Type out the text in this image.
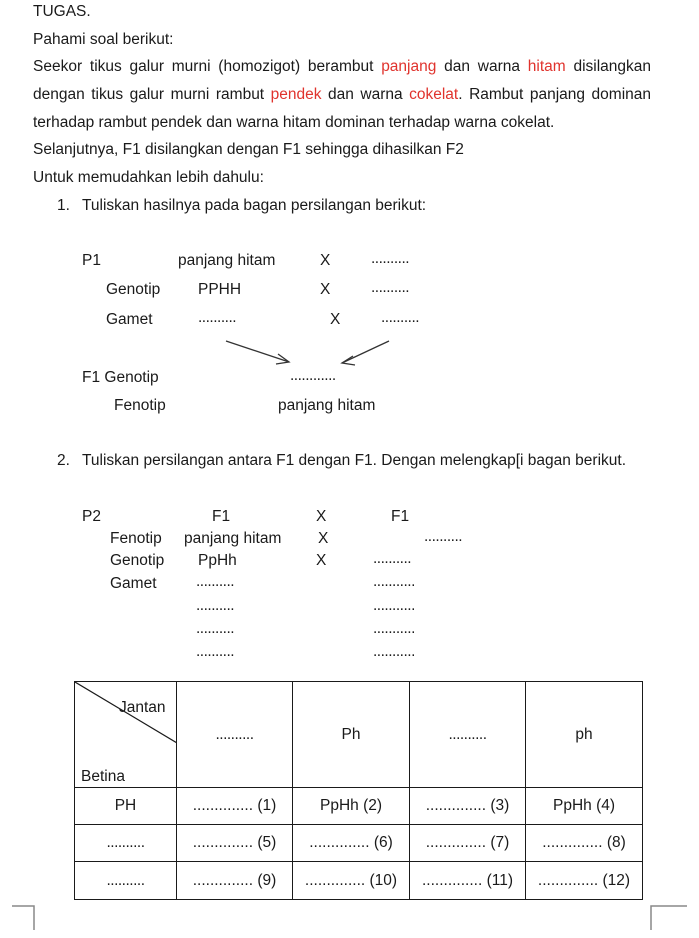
TUGAS.
Pahami soal berikut:

Seekor tikus galur murni (homozigot) berambut panjang dan warna hitam disilangkan dengan tikus galur murni rambut pendek dan warna cokelat. Rambut panjang dominan terhadap rambut pendek dan warna hitam dominan terhadap warna cokelat.

Selanjutnya, F1 disilangkan dengan F1 sehingga dihasilkan F2
Untuk memudahkan lebih dahulu:
1. Tuliskan hasilnya pada bagan persilangan berikut:
P1	panjang hitam	X	..........
Genotip PPHH	X	..........
Gamet	..........	X	..........
F1 Genotip	............
Fenotip	panjang hitam
2. Tuliskan persilangan antara F1 dengan F1. Dengan melengkap[i bagan berikut.
P2	F1	X	F1
Fenotip panjang hitam X	..........
Genotip PpHh	X	..........
Gamet	..........	...........
..........	...........
..........	...........
..........	...........
Jantan
Betina	..........	Ph	..........	ph
PH	.............. (1)	PpHh (2)	.............. (3)	PpHh (4)
..........	.............. (5)	.............. (6)	.............. (7)	.............. (8)
..........	.............. (9)	.............. (10)	.............. (11)	.............. (12)
